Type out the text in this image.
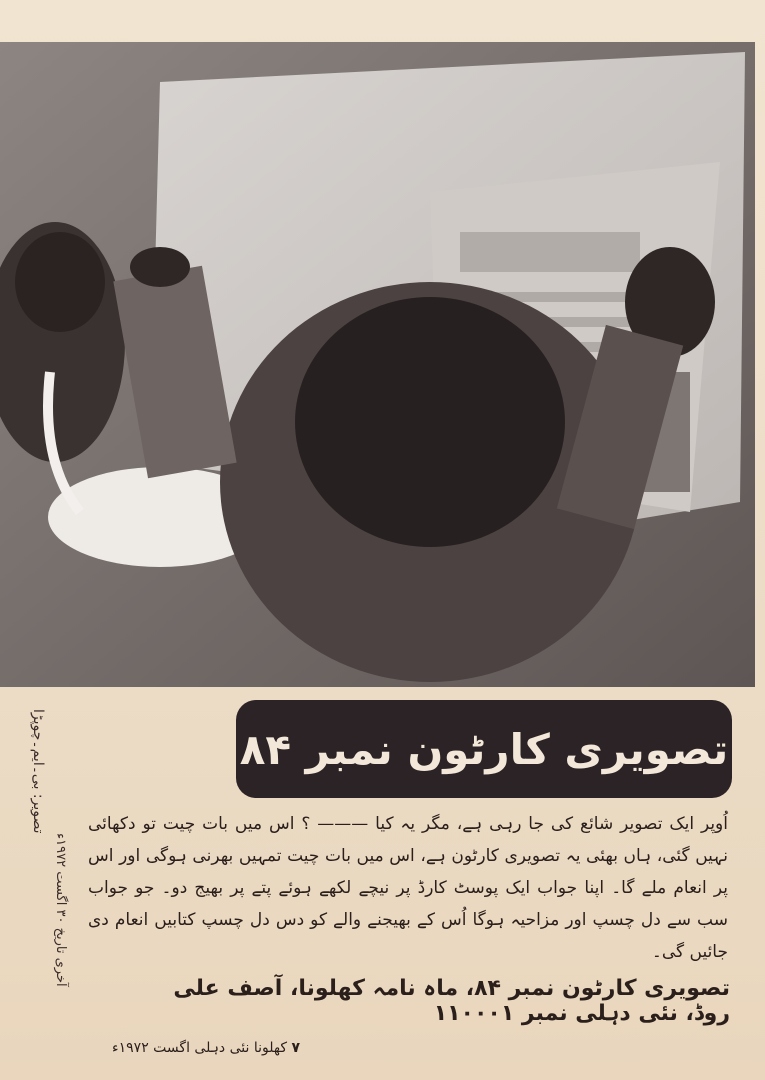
تصویر: بی۔ایم۔چوپڑا	تصویری کارٹون نمبر ۸۴
آخری تاریخ ۳۰ اگست ۱۹۷۲ء

اُوپر ایک تصویر شائع کی جا رہی ہے، مگر یہ کیا ——— ؟ اس میں بات چیت تو دکھائی نہیں گئی، ہاں بھئی یہ تصویری کارٹون ہے، اس میں بات چیت تمہیں بھرنی ہوگی اور اس پر انعام ملے گا۔ اپنا جواب ایک پوسٹ کارڈ پر نیچے لکھے ہوئے پتے پر بھیج دو۔ جو جواب سب سے دل چسپ اور مزاحیہ ہوگا اُس کے بھیجنے والے کو دس دل چسپ کتابیں انعام دی جائیں گی۔

تصویری کارٹون نمبر ۸۴، ماہ نامہ کھلونا، آصف علی روڈ، نئی دہلی نمبر ۱۱۰۰۰۱
۷ کھلونا نئی دہلی اگست ۱۹۷۲ء
